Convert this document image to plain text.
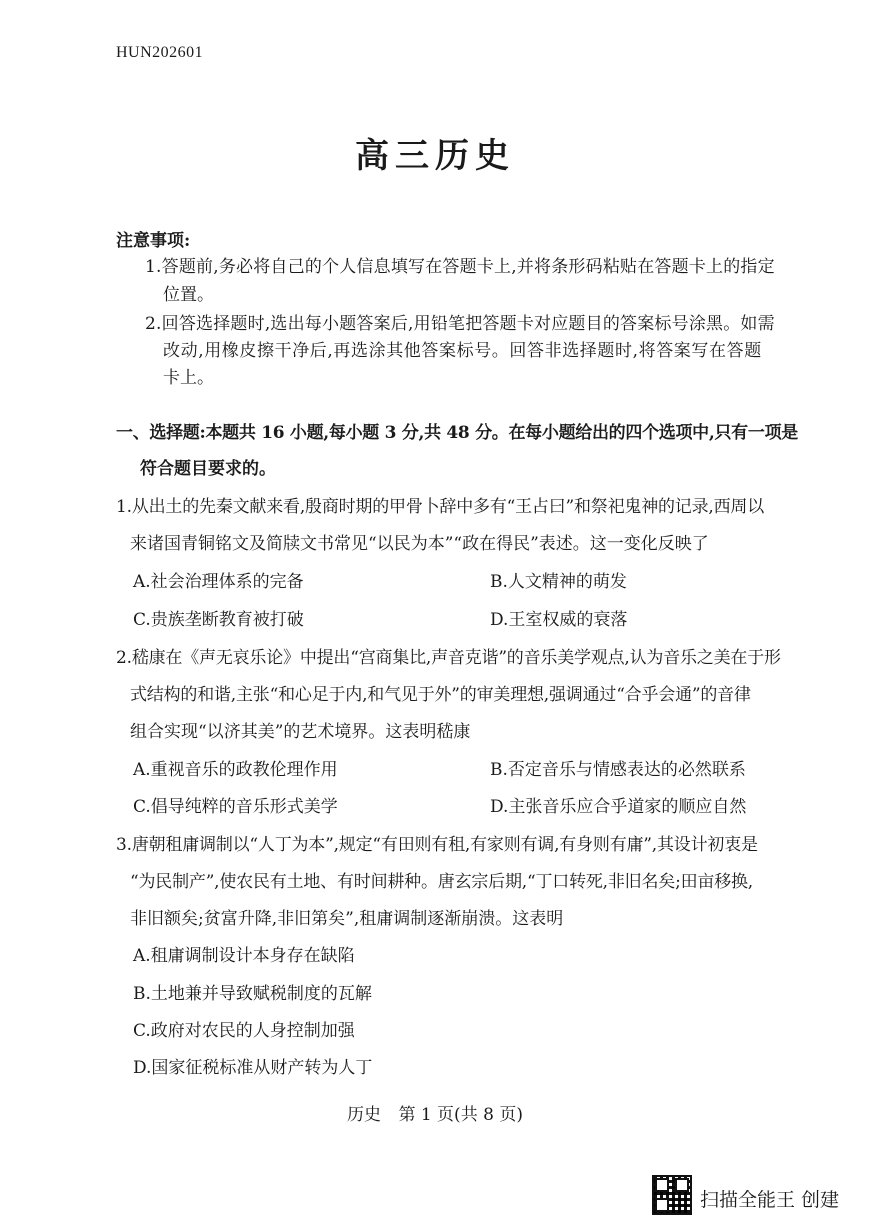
HUN202601
高三历史
注意事项:
1.答题前,务必将自己的个人信息填写在答题卡上,并将条形码粘贴在答题卡上的指定
位置。
2.回答选择题时,选出每小题答案后,用铅笔把答题卡对应题目的答案标号涂黑。如需
改动,用橡皮擦干净后,再选涂其他答案标号。回答非选择题时,将答案写在答题
卡上。
一、选择题:本题共 16 小题,每小题 3 分,共 48 分。在每小题给出的四个选项中,只有一项是
符合题目要求的。
1.从出土的先秦文献来看,殷商时期的甲骨卜辞中多有“王占曰”和祭祀鬼神的记录,西周以
来诸国青铜铭文及简牍文书常见“以民为本”“政在得民”表述。这一变化反映了
A.社会治理体系的完备	B.人文精神的萌发
C.贵族垄断教育被打破	D.王室权威的衰落
2.嵇康在《声无哀乐论》中提出“宫商集比,声音克谐”的音乐美学观点,认为音乐之美在于形
式结构的和谐,主张“和心足于内,和气见于外”的审美理想,强调通过“合乎会通”的音律
组合实现“以济其美”的艺术境界。这表明嵇康
A.重视音乐的政教伦理作用	B.否定音乐与情感表达的必然联系
C.倡导纯粹的音乐形式美学	D.主张音乐应合乎道家的顺应自然
3.唐朝租庸调制以“人丁为本”,规定“有田则有租,有家则有调,有身则有庸”,其设计初衷是
“为民制产”,使农民有土地、有时间耕种。唐玄宗后期,“丁口转死,非旧名矣;田亩移换,
非旧额矣;贫富升降,非旧第矣”,租庸调制逐渐崩溃。这表明
A.租庸调制设计本身存在缺陷
B.土地兼并导致赋税制度的瓦解
C.政府对农民的人身控制加强
D.国家征税标准从财产转为人丁
历史 第 1 页(共 8 页)
扫描全能王 创建
